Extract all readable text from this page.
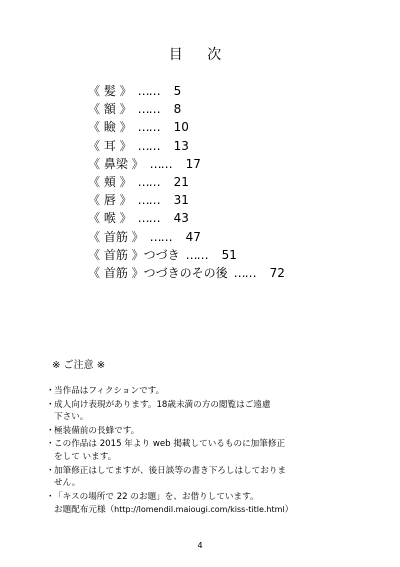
目 次
《 髪 》 …… 5
《 額 》 …… 8
《 瞼 》 …… 10
《 耳 》 …… 13
《 鼻梁 》 …… 17
《 頬 》 …… 21
《 唇 》 …… 31
《 喉 》 …… 43
《 首筋 》 …… 47
《 首筋 》つづき …… 51
《 首筋 》つづきのその後 …… 72
※ ご注意 ※
・ 当作品はフィクションです。
・ 成人向け表現があります。18歳未満の方の閲覧はご遠慮
下さい。
・ 極装備前の長蜂です。
・ この作品は 2015 年より web 掲載しているものに加筆修正
をして います。
・ 加筆修正はしてますが、後日談等の書き下ろしはしておりま
せん。
・ 「キスの場所で 22 のお題」を、お借りしています。
お題配布元様（http://lomendil.maiougi.com/kiss-title.html）
4
